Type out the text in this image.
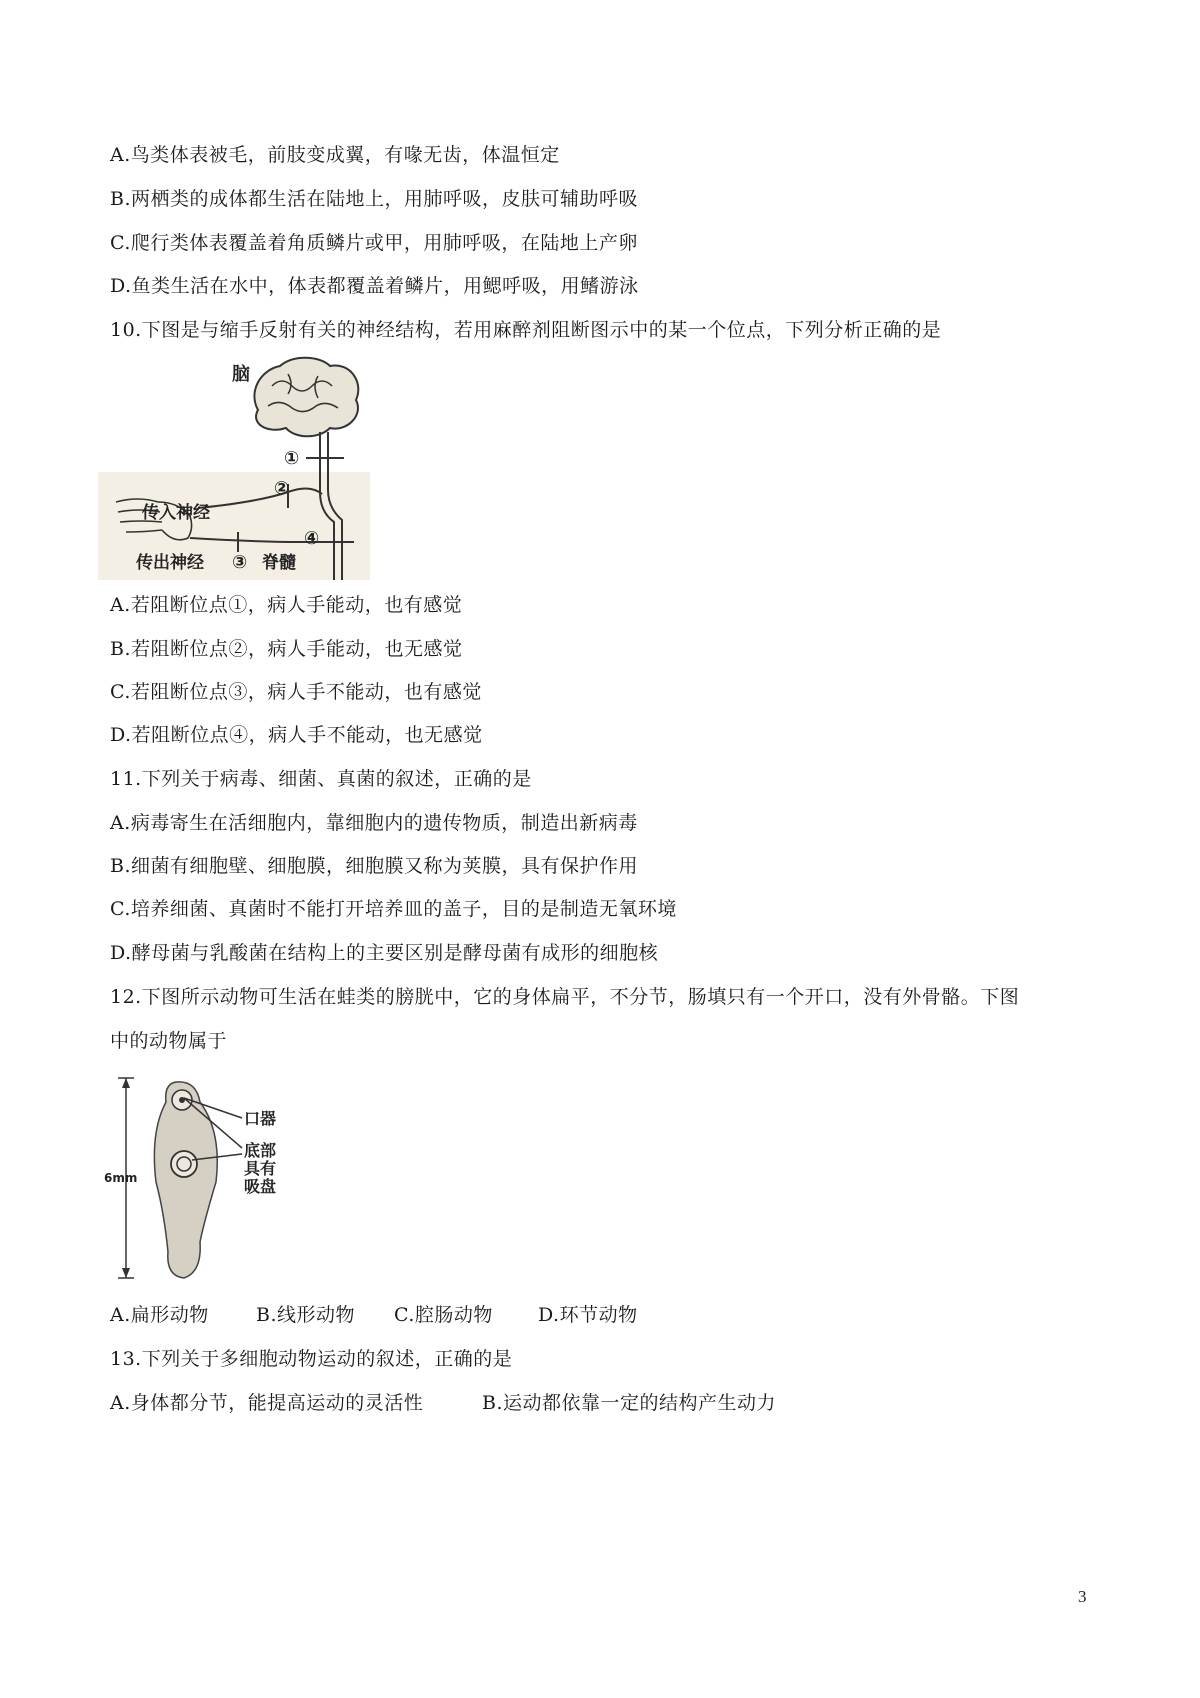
A.鸟类体表被毛，前肢变成翼，有喙无齿，体温恒定
B.两栖类的成体都生活在陆地上，用肺呼吸，皮肤可辅助呼吸
C.爬行类体表覆盖着角质鳞片或甲，用肺呼吸，在陆地上产卵
D.鱼类生活在水中，体表都覆盖着鳞片，用鳃呼吸，用鳍游泳
10.下图是与缩手反射有关的神经结构，若用麻醉剂阻断图示中的某一个位点，下列分析正确的是
脑
①
②
③
④
传入神经
传出神经	脊髓
A.若阻断位点①，病人手能动，也有感觉
B.若阻断位点②，病人手能动，也无感觉
C.若阻断位点③，病人手不能动，也有感觉
D.若阻断位点④，病人手不能动，也无感觉
11.下列关于病毒、细菌、真菌的叙述，正确的是
A.病毒寄生在活细胞内，靠细胞内的遗传物质，制造出新病毒
B.细菌有细胞壁、细胞膜，细胞膜又称为荚膜，具有保护作用
C.培养细菌、真菌时不能打开培养皿的盖子，目的是制造无氧环境
D.酵母菌与乳酸菌在结构上的主要区别是酵母菌有成形的细胞核
12.下图所示动物可生活在蛙类的膀胱中，它的身体扁平，不分节，肠填只有一个开口，没有外骨骼。下图
中的动物属于
口器
底部
具有
吸盘
6mm
A.扁形动物 B.线形动物 C.腔肠动物 D.环节动物
13.下列关于多细胞动物运动的叙述，正确的是
A.身体都分节，能提高运动的灵活性	B.运动都依靠一定的结构产生动力
3
